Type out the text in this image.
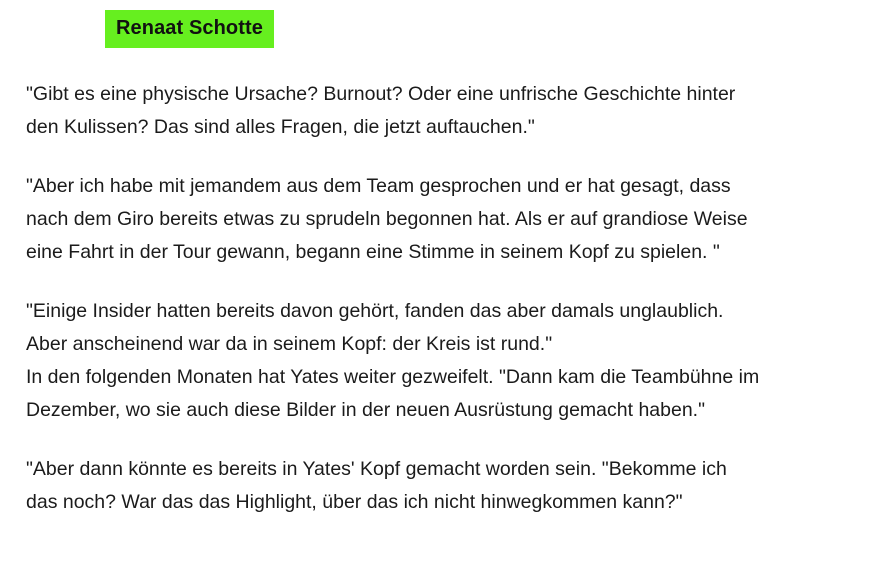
Renaat Schotte

"Gibt es eine physische Ursache? Burnout? Oder eine unfrische Geschichte hinter
den Kulissen? Das sind alles Fragen, die jetzt auftauchen."

"Aber ich habe mit jemandem aus dem Team gesprochen und er hat gesagt, dass
nach dem Giro bereits etwas zu sprudeln begonnen hat. Als er auf grandiose Weise
eine Fahrt in der Tour gewann, begann eine Stimme in seinem Kopf zu spielen. "

"Einige Insider hatten bereits davon gehört, fanden das aber damals unglaublich.
Aber anscheinend war da in seinem Kopf: der Kreis ist rund."
In den folgenden Monaten hat Yates weiter gezweifelt. "Dann kam die Teambühne im
Dezember, wo sie auch diese Bilder in der neuen Ausrüstung gemacht haben."

"Aber dann könnte es bereits in Yates' Kopf gemacht worden sein. "Bekomme ich
das noch? War das das Highlight, über das ich nicht hinwegkommen kann?"
